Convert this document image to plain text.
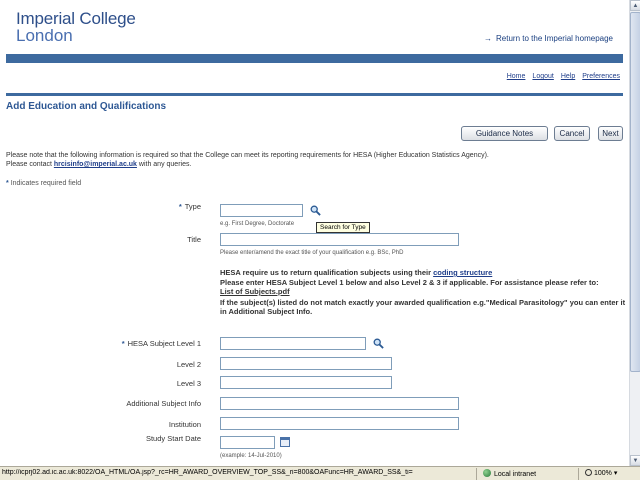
Imperial College
London	→ Return to the Imperial homepage
Home Logout Help Preferences
Add Education and Qualifications
Guidance Notes	Cancel	Next
Please note that the following information is required so that the College can meet its reporting requirements for HESA (Higher Education Statistics Agency).
Please contact hrcisinfo@imperial.ac.uk with any queries.
* Indicates required field
* Type
e.g. First Degree, Doctorate	Search for Type
Title
Please enter/amend the exact title of your qualification e.g. BSc, PhD
HESA require us to return qualification subjects using their coding structure
Please enter HESA Subject Level 1 below and also Level 2 & 3 if applicable. For assistance please refer to:
List of Subjects.pdf
If the subject(s) listed do not match exactly your awarded qualification e.g."Medical Parasitology" you can enter it
in Additional Subject Info.
* HESA Subject Level 1
Level 2
Level 3
Additional Subject Info
Institution
Study Start Date
(example: 14-Jul-2010)
▲
▼
http://icprj02.ad.ic.ac.uk:8022/OA_HTML/OA.jsp?_rc=HR_AWARD_OVERVIEW_TOP_SS&_ri=800&OAFunc=HR_AWARD_SS&_ti=	Local intranet	100% ▾
